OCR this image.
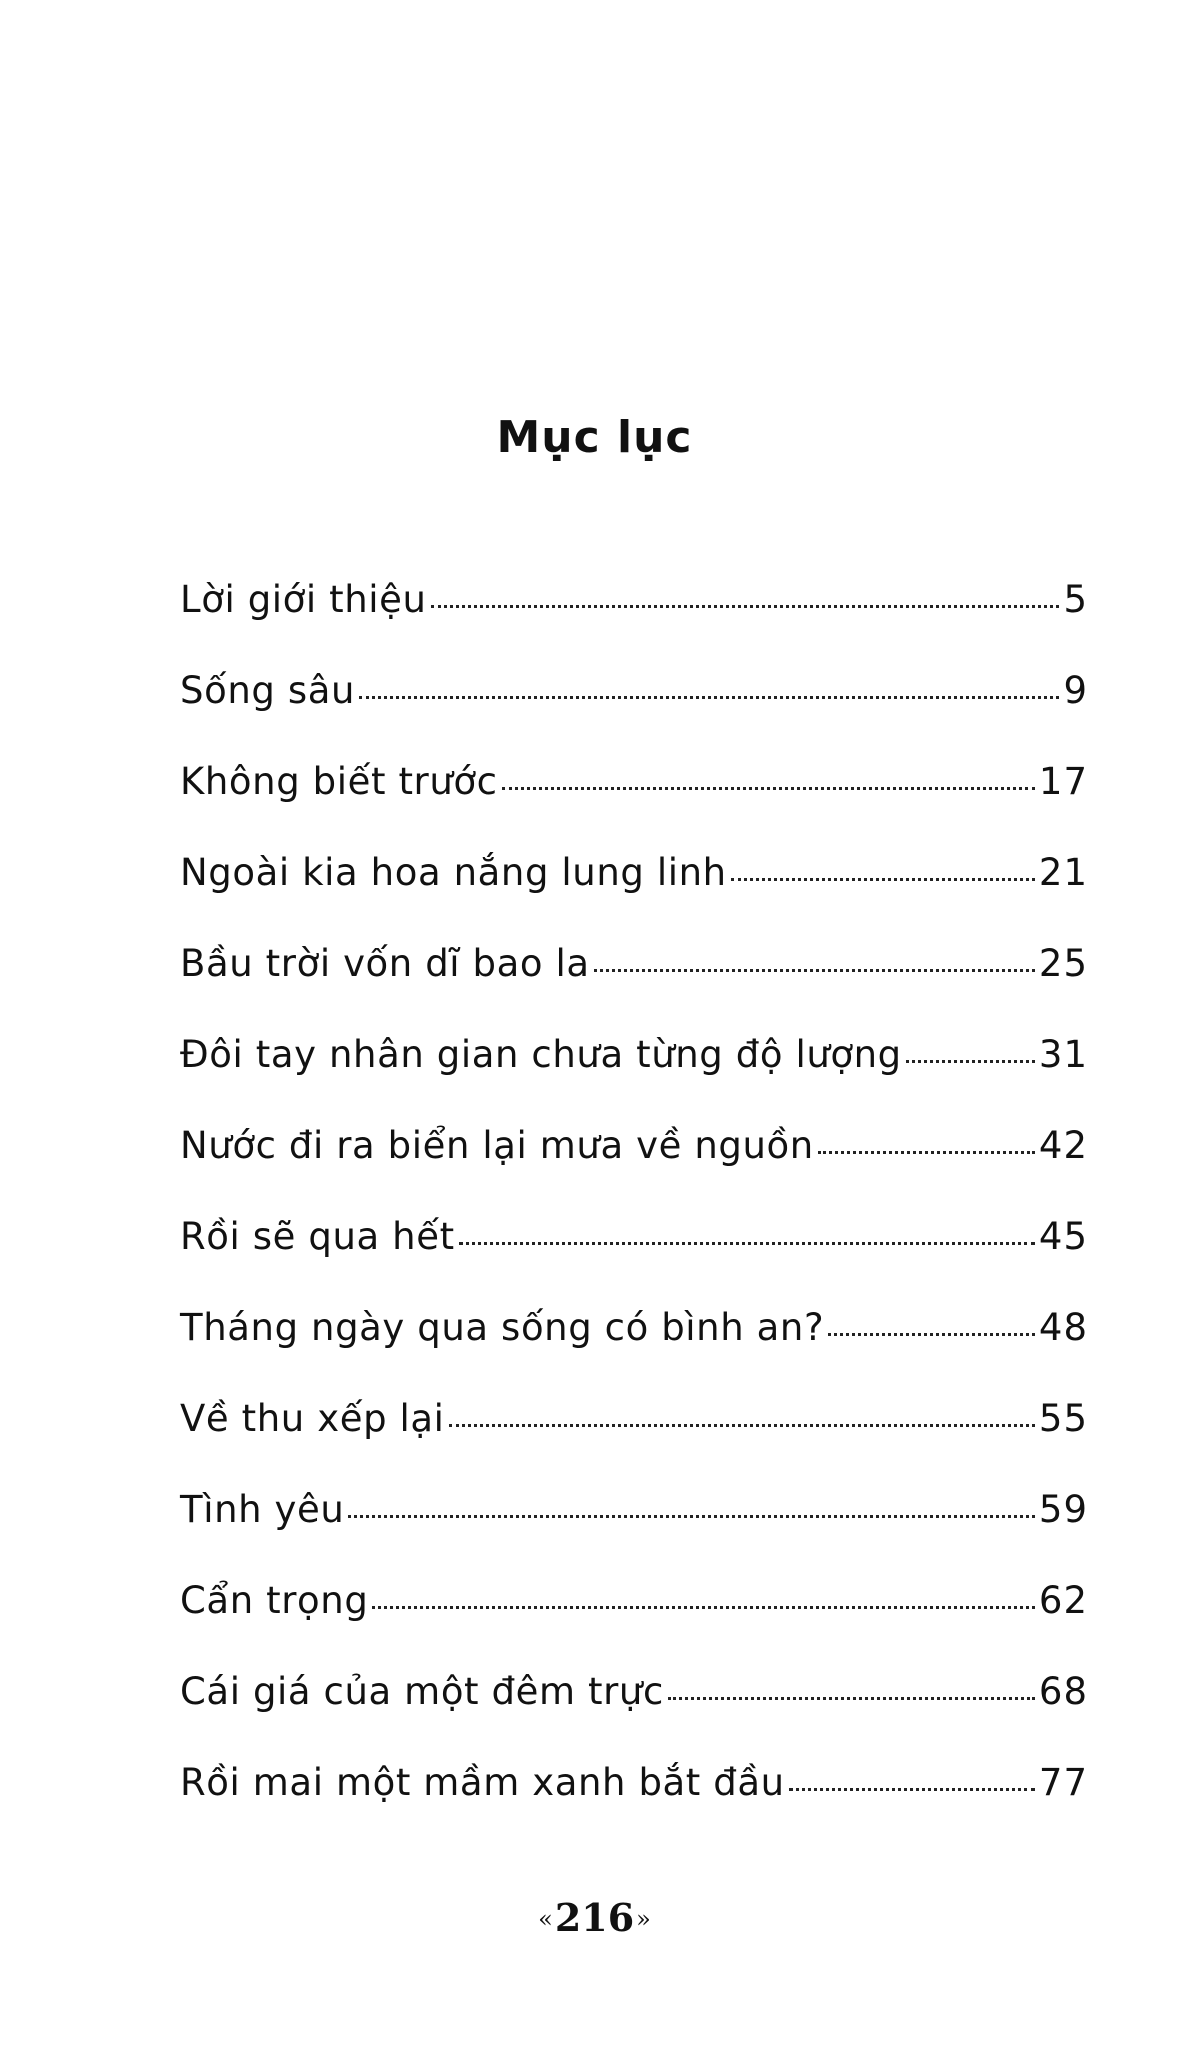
Mục lục
Lời giới thiệu	5
Sống sâu	9
Không biết trước	17
Ngoài kia hoa nắng lung linh	21
Bầu trời vốn dĩ bao la	25
Đôi tay nhân gian chưa từng độ lượng	31
Nước đi ra biển lại mưa về nguồn	42
Rồi sẽ qua hết	45
Tháng ngày qua sống có bình an?	48
Về thu xếp lại	55
Tình yêu	59
Cẩn trọng	62
Cái giá của một đêm trực	68
Rồi mai một mầm xanh bắt đầu	77
«216»
